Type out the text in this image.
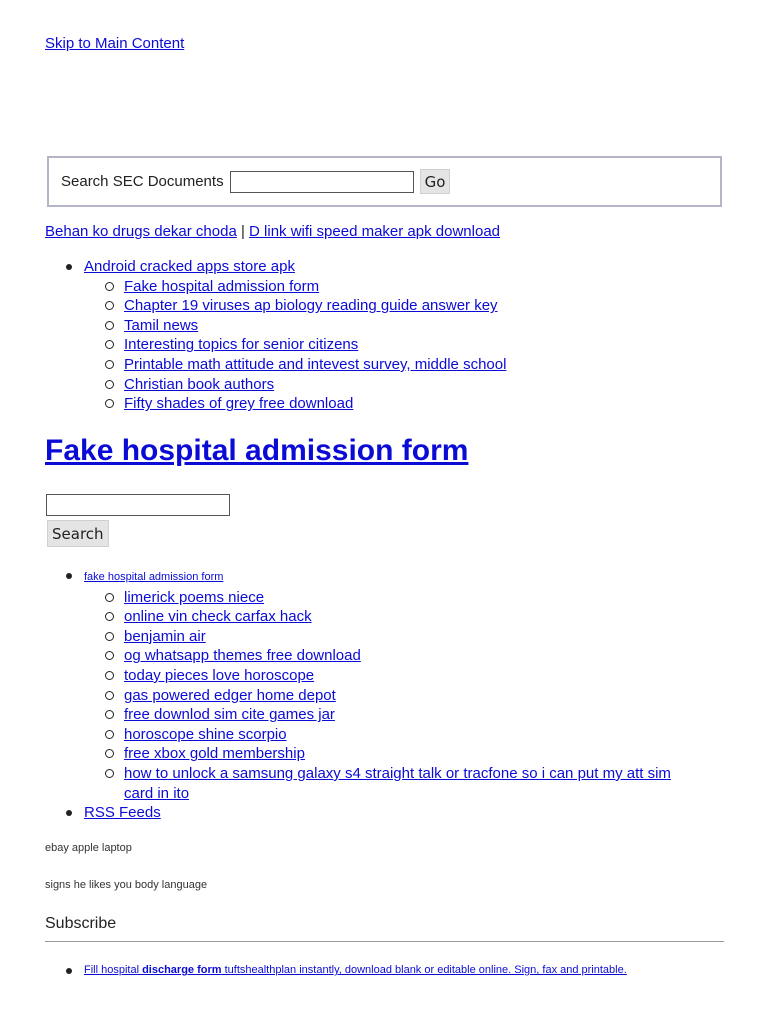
Skip to Main Content
Search SEC Documents	Go
Behan ko drugs dekar choda | D link wifi speed maker apk download
Android cracked apps store apk
Fake hospital admission form
Chapter 19 viruses ap biology reading guide answer key
Tamil news
Interesting topics for senior citizens
Printable math attitude and intevest survey, middle school
Christian book authors
Fifty shades of grey free download
Fake hospital admission form
Search
fake hospital admission form
limerick poems niece
online vin check carfax hack
benjamin air
og whatsapp themes free download
today pieces love horoscope
gas powered edger home depot
free downlod sim cite games jar
horoscope shine scorpio
free xbox gold membership
how to unlock a samsung galaxy s4 straight talk or tracfone so i can put my att sim card in ito
RSS Feeds
ebay apple laptop
signs he likes you body language
Subscribe
Fill hospital discharge form tuftshealthplan instantly, download blank or editable online. Sign, fax and printable.
